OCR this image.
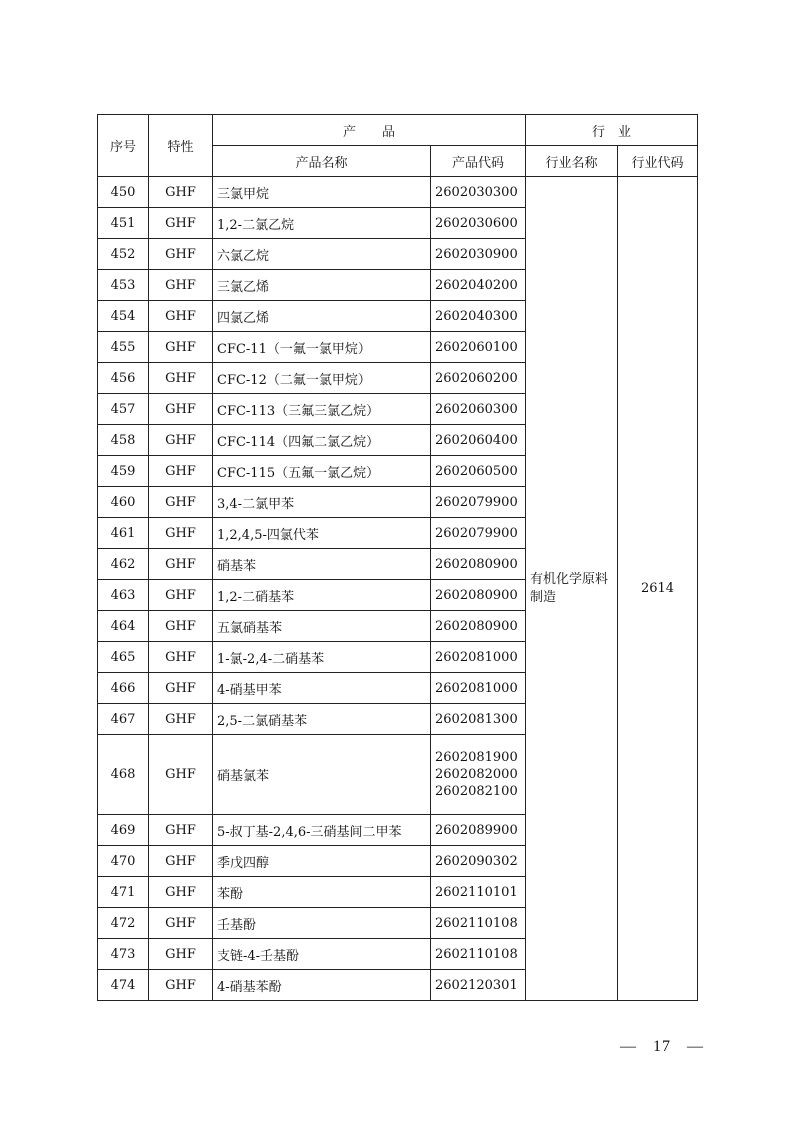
序号	特性	产　　品		行　业	
		产品名称	产品代码	行业名称	行业代码
450	GHF	三氯甲烷	2602030300	有机化学原料制造	2614
451	GHF	1,2-二氯乙烷	2602030600		

452	GHF	六氯乙烷	2602030900		

453	GHF	三氯乙烯	2602040200		

454	GHF	四氯乙烯	2602040300		

455	GHF	CFC-11（一氟一氯甲烷）	2602060100		

456	GHF	CFC-12（二氟一氯甲烷）	2602060200		

457	GHF	CFC-113（三氟三氯乙烷）	2602060300		

458	GHF	CFC-114（四氟二氯乙烷）	2602060400		

459	GHF	CFC-115（五氟一氯乙烷）	2602060500		

460	GHF	3,4-二氯甲苯	2602079900		

461	GHF	1,2,4,5-四氯代苯	2602079900		

462	GHF	硝基苯	2602080900		

463	GHF	1,2-二硝基苯	2602080900		

464	GHF	五氯硝基苯	2602080900		

465	GHF	1-氯-2,4-二硝基苯	2602081000		

466	GHF	4-硝基甲苯	2602081000		

467	GHF	2,5-二氯硝基苯	2602081300		

468	GHF	硝基氯苯	2602081900
2602082000
2602082100		

469	GHF	5-叔丁基-2,4,6-三硝基间二甲苯	2602089900		

470	GHF	季戊四醇	2602090302		

471	GHF	苯酚	2602110101		

472	GHF	壬基酚	2602110108		

473	GHF	支链-4-壬基酚	2602110108		

474	GHF	4-硝基苯酚	2602120301		
— 17 —
